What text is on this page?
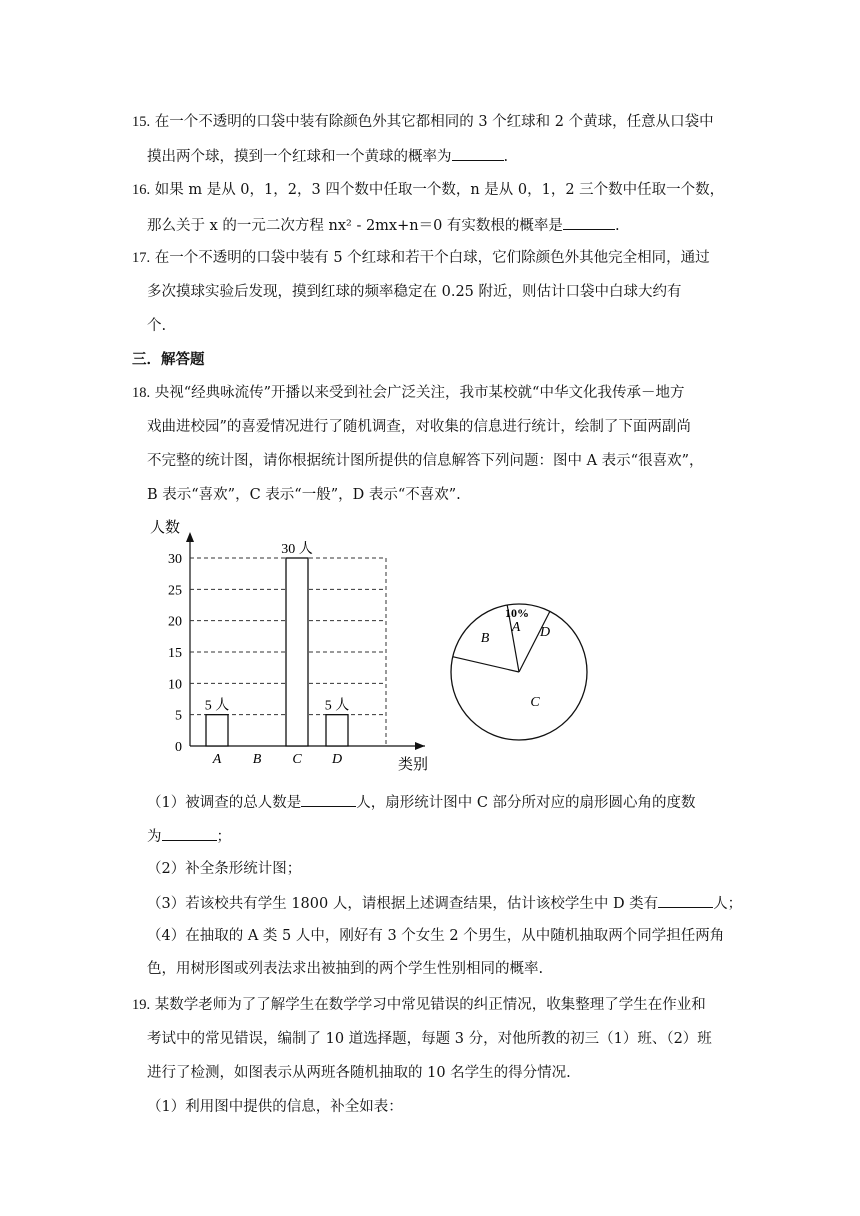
15. 在一个不透明的口袋中装有除颜色外其它都相同的 3 个红球和 2 个黄球，任意从口袋中
摸出两个球，摸到一个红球和一个黄球的概率为	.
16. 如果 m 是从 0，1，2，3 四个数中任取一个数，n 是从 0，1，2 三个数中任取一个数，
那么关于 x 的一元二次方程 nx² - 2mx+n＝0 有实数根的概率是	.
17. 在一个不透明的口袋中装有 5 个红球和若干个白球，它们除颜色外其他完全相同，通过
多次摸球实验后发现，摸到红球的频率稳定在 0.25 附近，则估计口袋中白球大约有
个.
三．解答题
18. 央视“经典咏流传”开播以来受到社会广泛关注，我市某校就“中华文化我传承－地方
戏曲进校园”的喜爱情况进行了随机调查，对收集的信息进行统计，绘制了下面两副尚
不完整的统计图，请你根据统计图所提供的信息解答下列问题：图中 A 表示“很喜欢”，
B 表示“喜欢”，C 表示“一般”，D 表示“不喜欢”.
人数
类别
0
5
10
15
20
25
30
A B C D
5 人
30 人
5 人
A
B
C
D
10%
（1）被调查的总人数是	人，扇形统计图中 C 部分所对应的扇形圆心角的度数
为	；
（2）补全条形统计图；
（3）若该校共有学生 1800 人，请根据上述调查结果，估计该校学生中 D 类有	人；
（4）在抽取的 A 类 5 人中，刚好有 3 个女生 2 个男生，从中随机抽取两个同学担任两角
色，用树形图或列表法求出被抽到的两个学生性别相同的概率.
19. 某数学老师为了了解学生在数学学习中常见错误的纠正情况，收集整理了学生在作业和
考试中的常见错误，编制了 10 道选择题，每题 3 分，对他所教的初三（1）班、（2）班
进行了检测，如图表示从两班各随机抽取的 10 名学生的得分情况.
（1）利用图中提供的信息，补全如表：
